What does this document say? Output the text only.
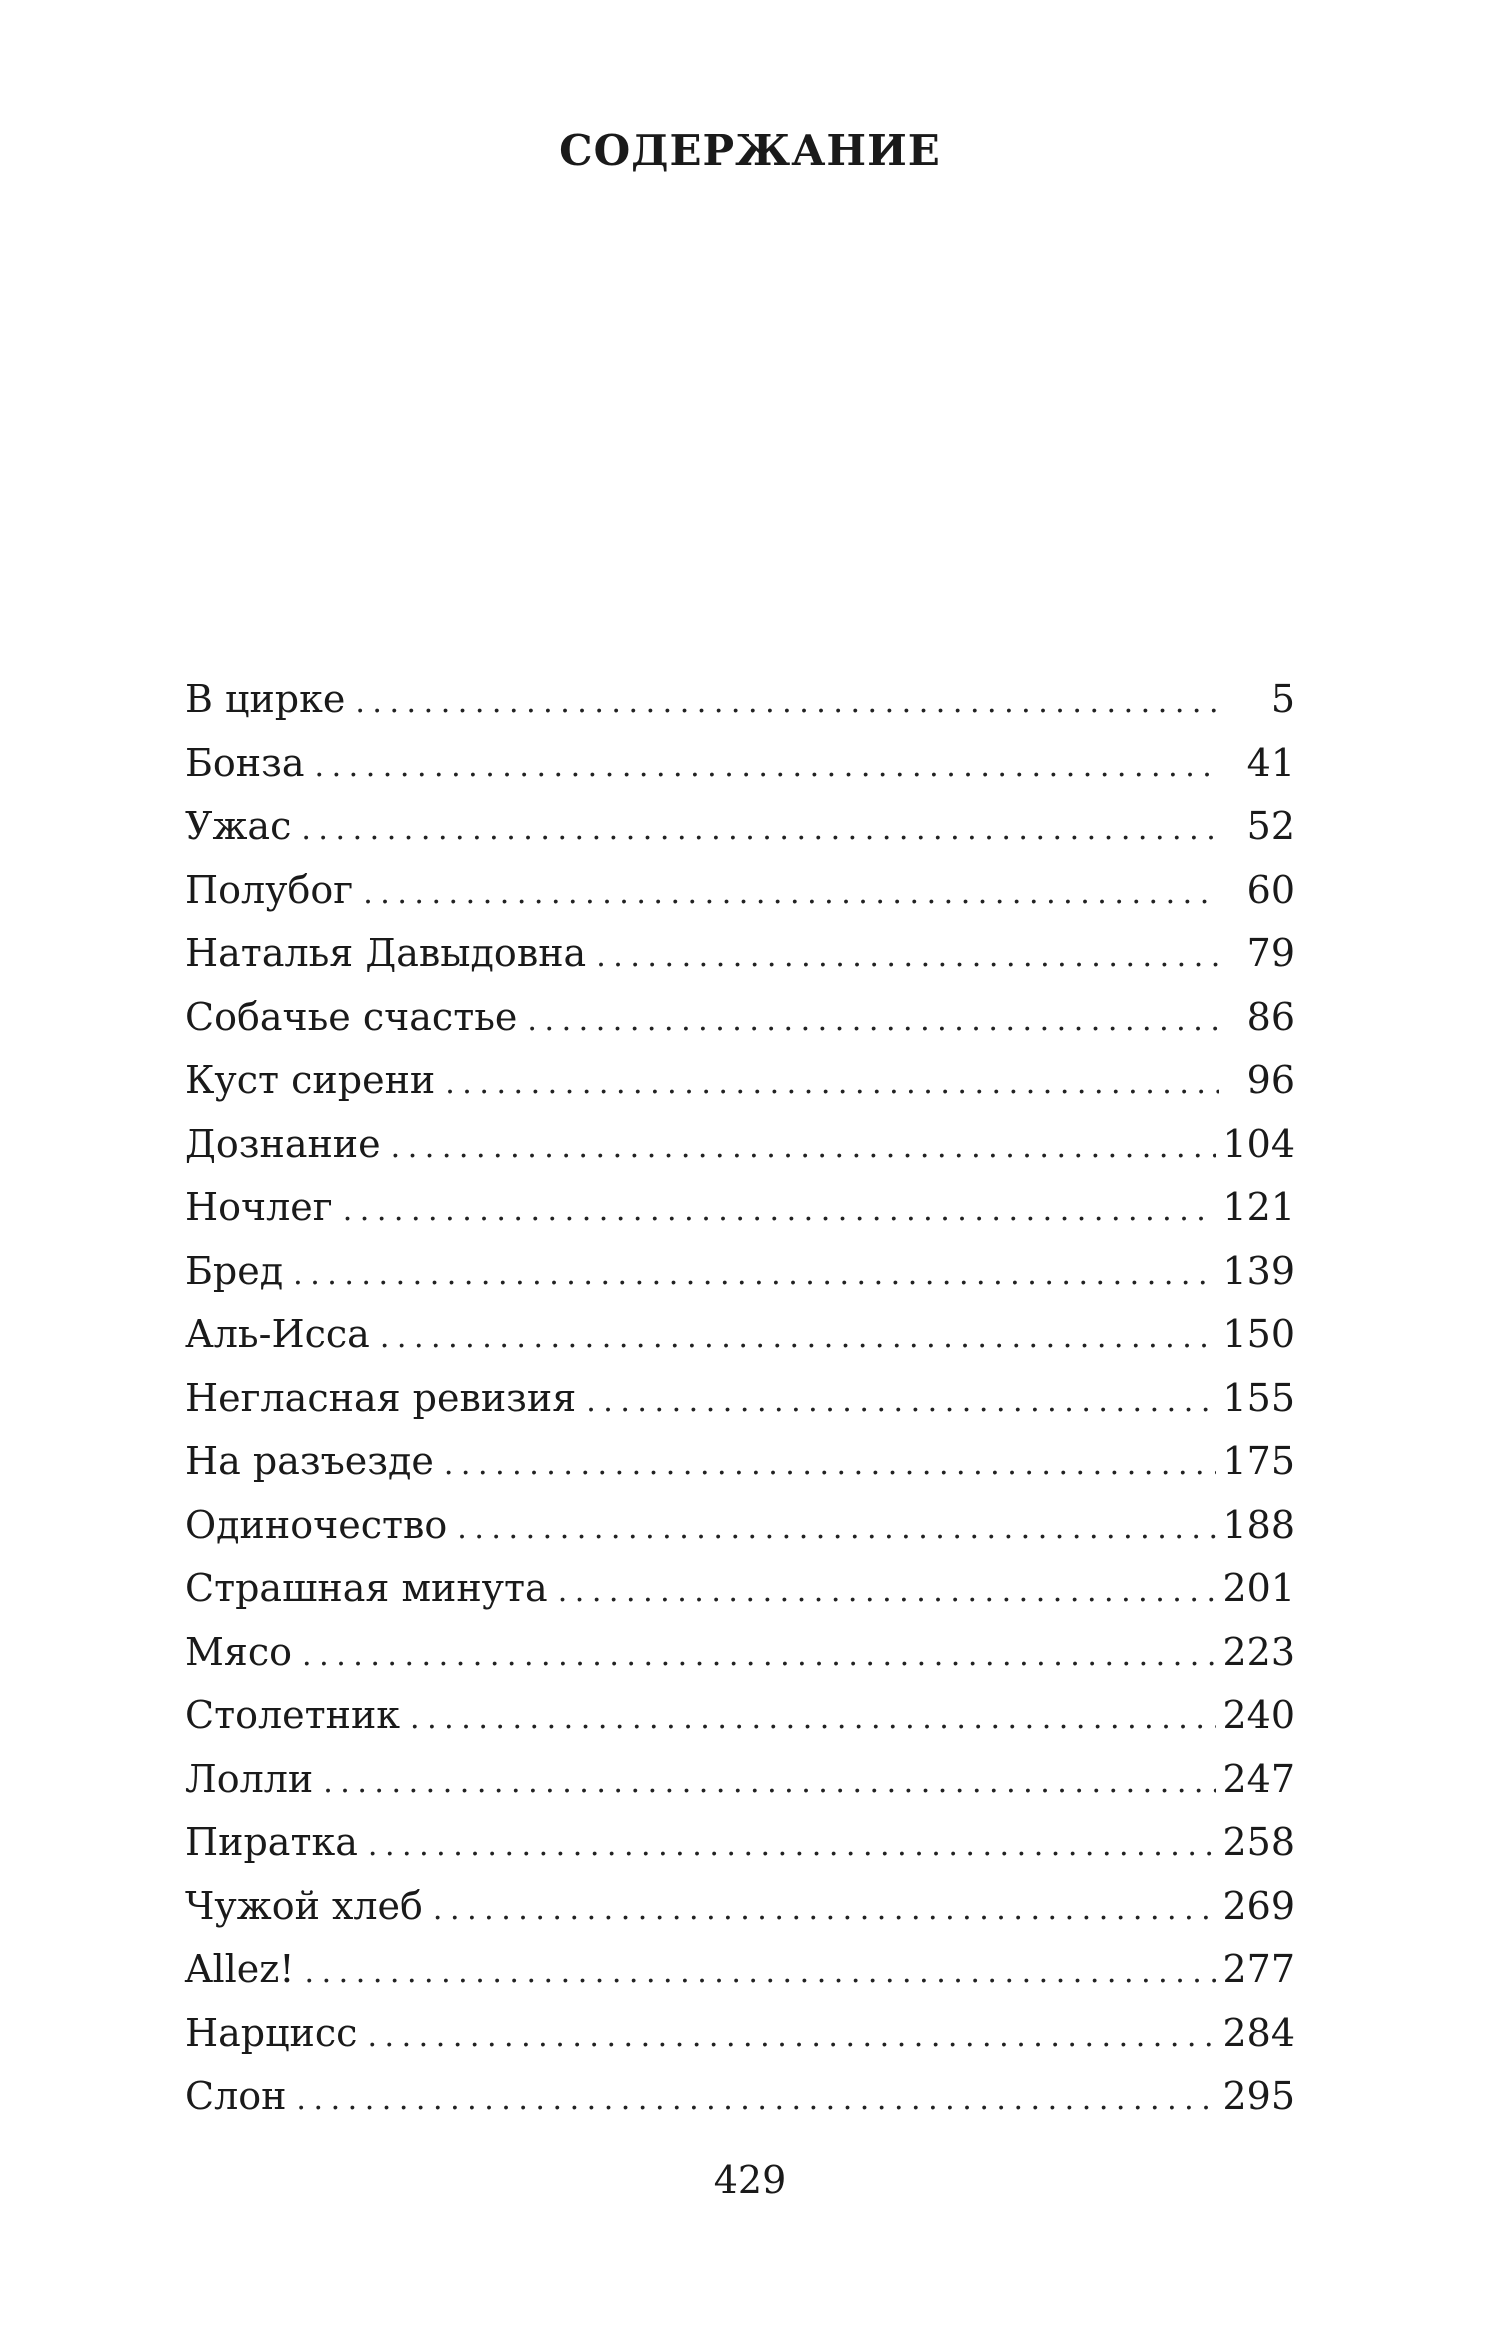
СОДЕРЖАНИЕ
В цирке . . .	5
Бонза . . .	41
Ужас . . .	52
Полубог . . .	60
Наталья Давыдовна . . .	79
Собачье счастье . . .	86
Куст сирени . . .	96
Дознание . . .	104
Ночлег . . .	121
Бред . . .	139
Аль-Исса . . .	150
Негласная ревизия . . .	155
На разъезде . . .	175
Одиночество . . .	188
Страшная минута . . .	201
Мясо . . .	223
Столетник . . .	240
Лолли . . .	247
Пиратка . . .	258
Чужой хлеб . . .	269
Allez! . . .	277
Нарцисс . . .	284
Слон . . .	295

429
